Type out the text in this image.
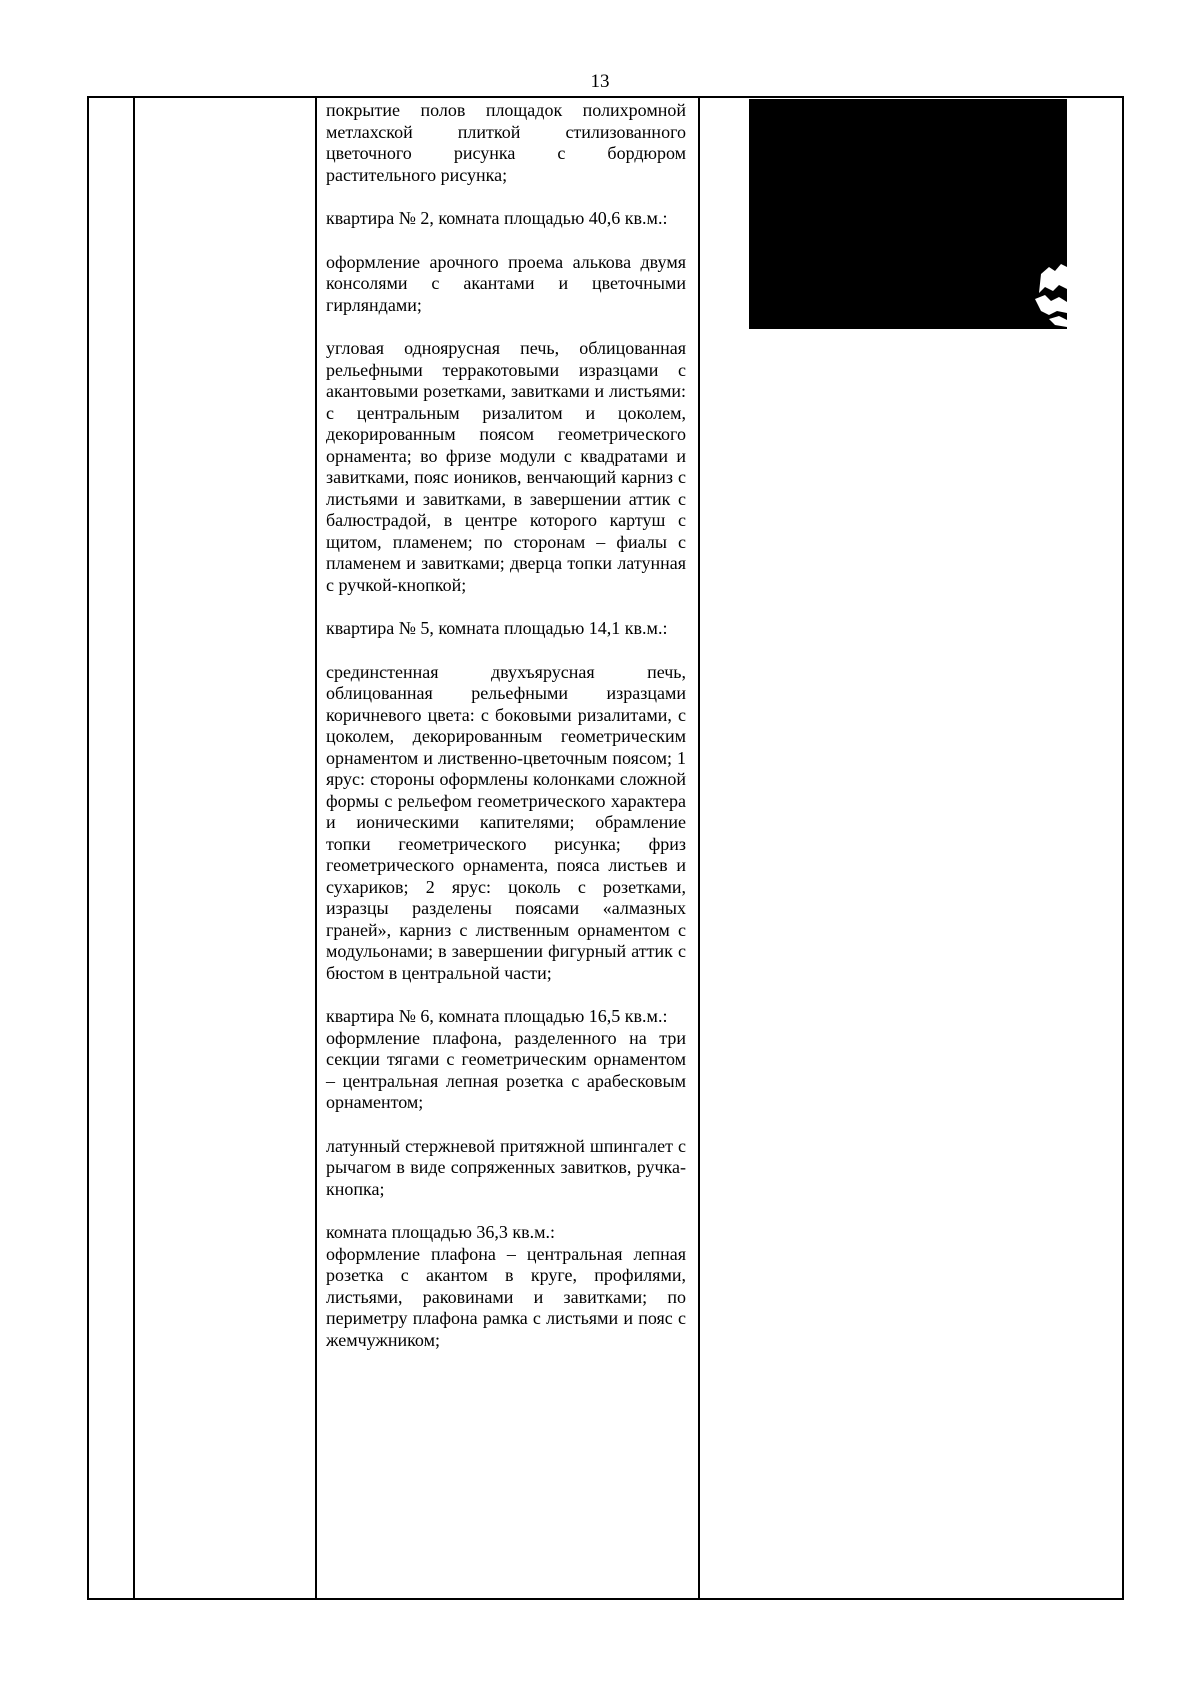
13

покрытие полов площадок полихромной метлахской плиткой стилизованного цветочного рисунка с бордюром растительного рисунка;

квартира № 2, комната площадью 40,6 кв.м.:

оформление арочного проема алькова двумя консолями с акантами и цветочными гирляндами;

угловая одноярусная печь, облицованная рельефными терракотовыми изразцами с акантовыми розетками, завитками и листьями: с центральным ризалитом и цоколем, декорированным поясом геометрического орнамента; во фризе модули с квадратами и завитками, пояс иоников, венчающий карниз с листьями и завитками, в завершении аттик с балюстрадой, в центре которого картуш с щитом, пламенем; по сторонам – фиалы с пламенем и завитками; дверца топки латунная с ручкой-кнопкой;

квартира № 5, комната площадью 14,1 кв.м.:

срединстенная двухъярусная печь, облицованная рельефными изразцами коричневого цвета: с боковыми ризалитами, с цоколем, декорированным геометрическим орнаментом и лиственно-цветочным поясом; 1 ярус: стороны оформлены колонками сложной формы с рельефом геометрического характера и ионическими капителями; обрамление топки геометрического рисунка; фриз геометрического орнамента, пояса листьев и сухариков; 2 ярус: цоколь с розетками, изразцы разделены поясами «алмазных граней», карниз с лиственным орнаментом с модульонами; в завершении фигурный аттик с бюстом в центральной части;

квартира № 6, комната площадью 16,5 кв.м.:

оформление плафона, разделенного на три секции тягами с геометрическим орнаментом – центральная лепная розетка с арабесковым орнаментом;

латунный стержневой притяжной шпингалет с рычагом в виде сопряженных завитков, ручка-кнопка;

комната площадью 36,3 кв.м.:

оформление плафона – центральная лепная розетка с акантом в круге, профилями, листьями, раковинами и завитками; по периметру плафона рамка с листьями и пояс с жемчужником;
